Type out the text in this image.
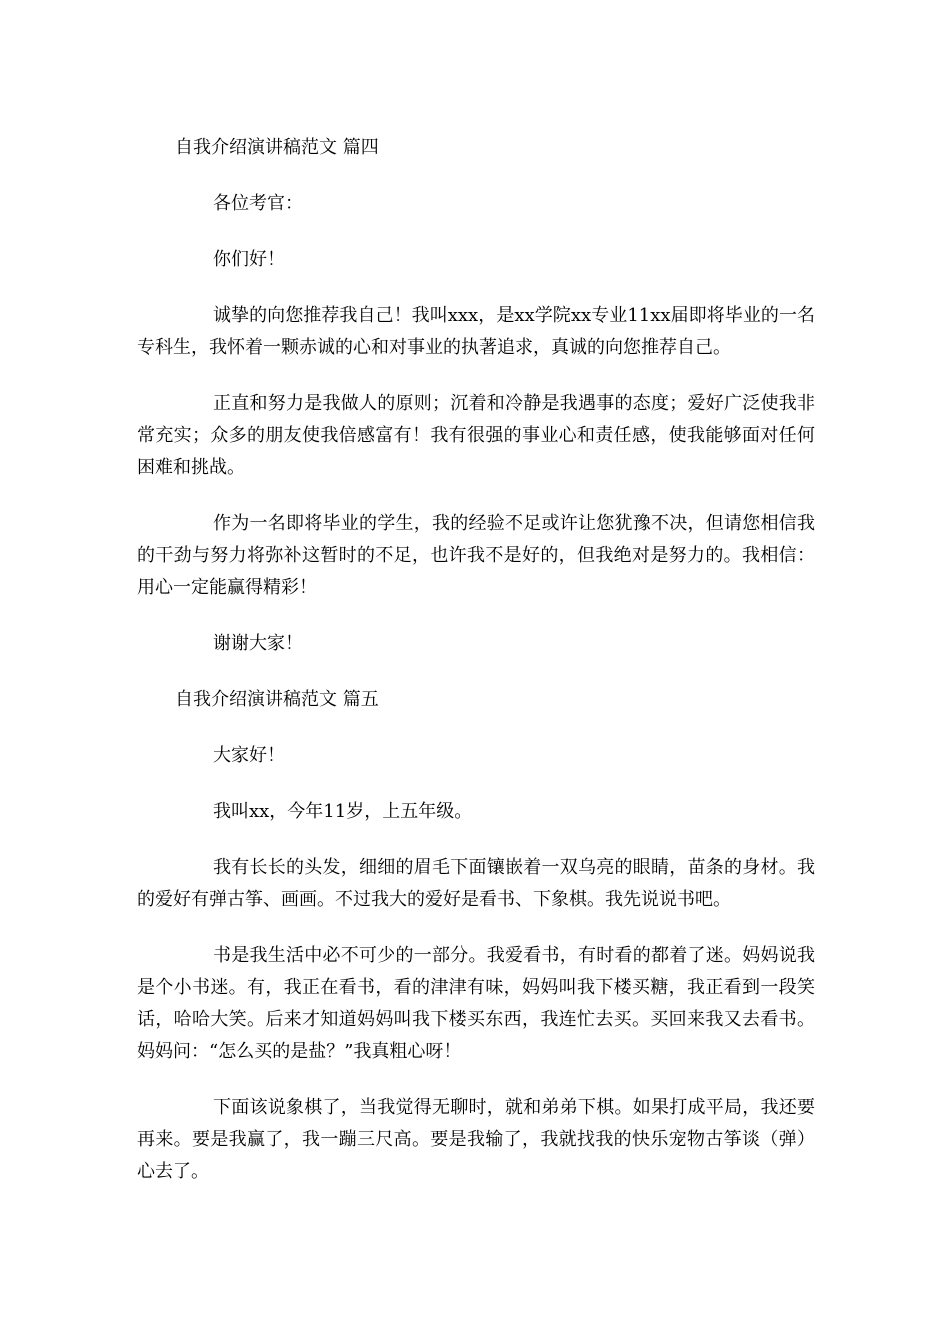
自我介绍演讲稿范文 篇四

各位考官：

你们好！

诚挚的向您推荐我自己！我叫xxx，是xx学院xx专业11xx届即将毕业的一名专科生，我怀着一颗赤诚的心和对事业的执著追求，真诚的向您推荐自己。

正直和努力是我做人的原则；沉着和冷静是我遇事的态度；爱好广泛使我非常充实；众多的朋友使我倍感富有！我有很强的事业心和责任感，使我能够面对任何困难和挑战。

作为一名即将毕业的学生，我的经验不足或许让您犹豫不决，但请您相信我的干劲与努力将弥补这暂时的不足，也许我不是好的，但我绝对是努力的。我相信：用心一定能赢得精彩！

谢谢大家！

自我介绍演讲稿范文 篇五

大家好！

我叫xx，今年11岁，上五年级。

我有长长的头发，细细的眉毛下面镶嵌着一双乌亮的眼睛，苗条的身材。我的爱好有弹古筝、画画。不过我大的爱好是看书、下象棋。我先说说书吧。

书是我生活中必不可少的一部分。我爱看书，有时看的都着了迷。妈妈说我是个小书迷。有，我正在看书，看的津津有味，妈妈叫我下楼买糖，我正看到一段笑话，哈哈大笑。后来才知道妈妈叫我下楼买东西，我连忙去买。买回来我又去看书。妈妈问：“怎么买的是盐？”我真粗心呀！

下面该说象棋了，当我觉得无聊时，就和弟弟下棋。如果打成平局，我还要再来。要是我赢了，我一蹦三尺高。要是我输了，我就找我的快乐宠物古筝谈（弹）心去了。
